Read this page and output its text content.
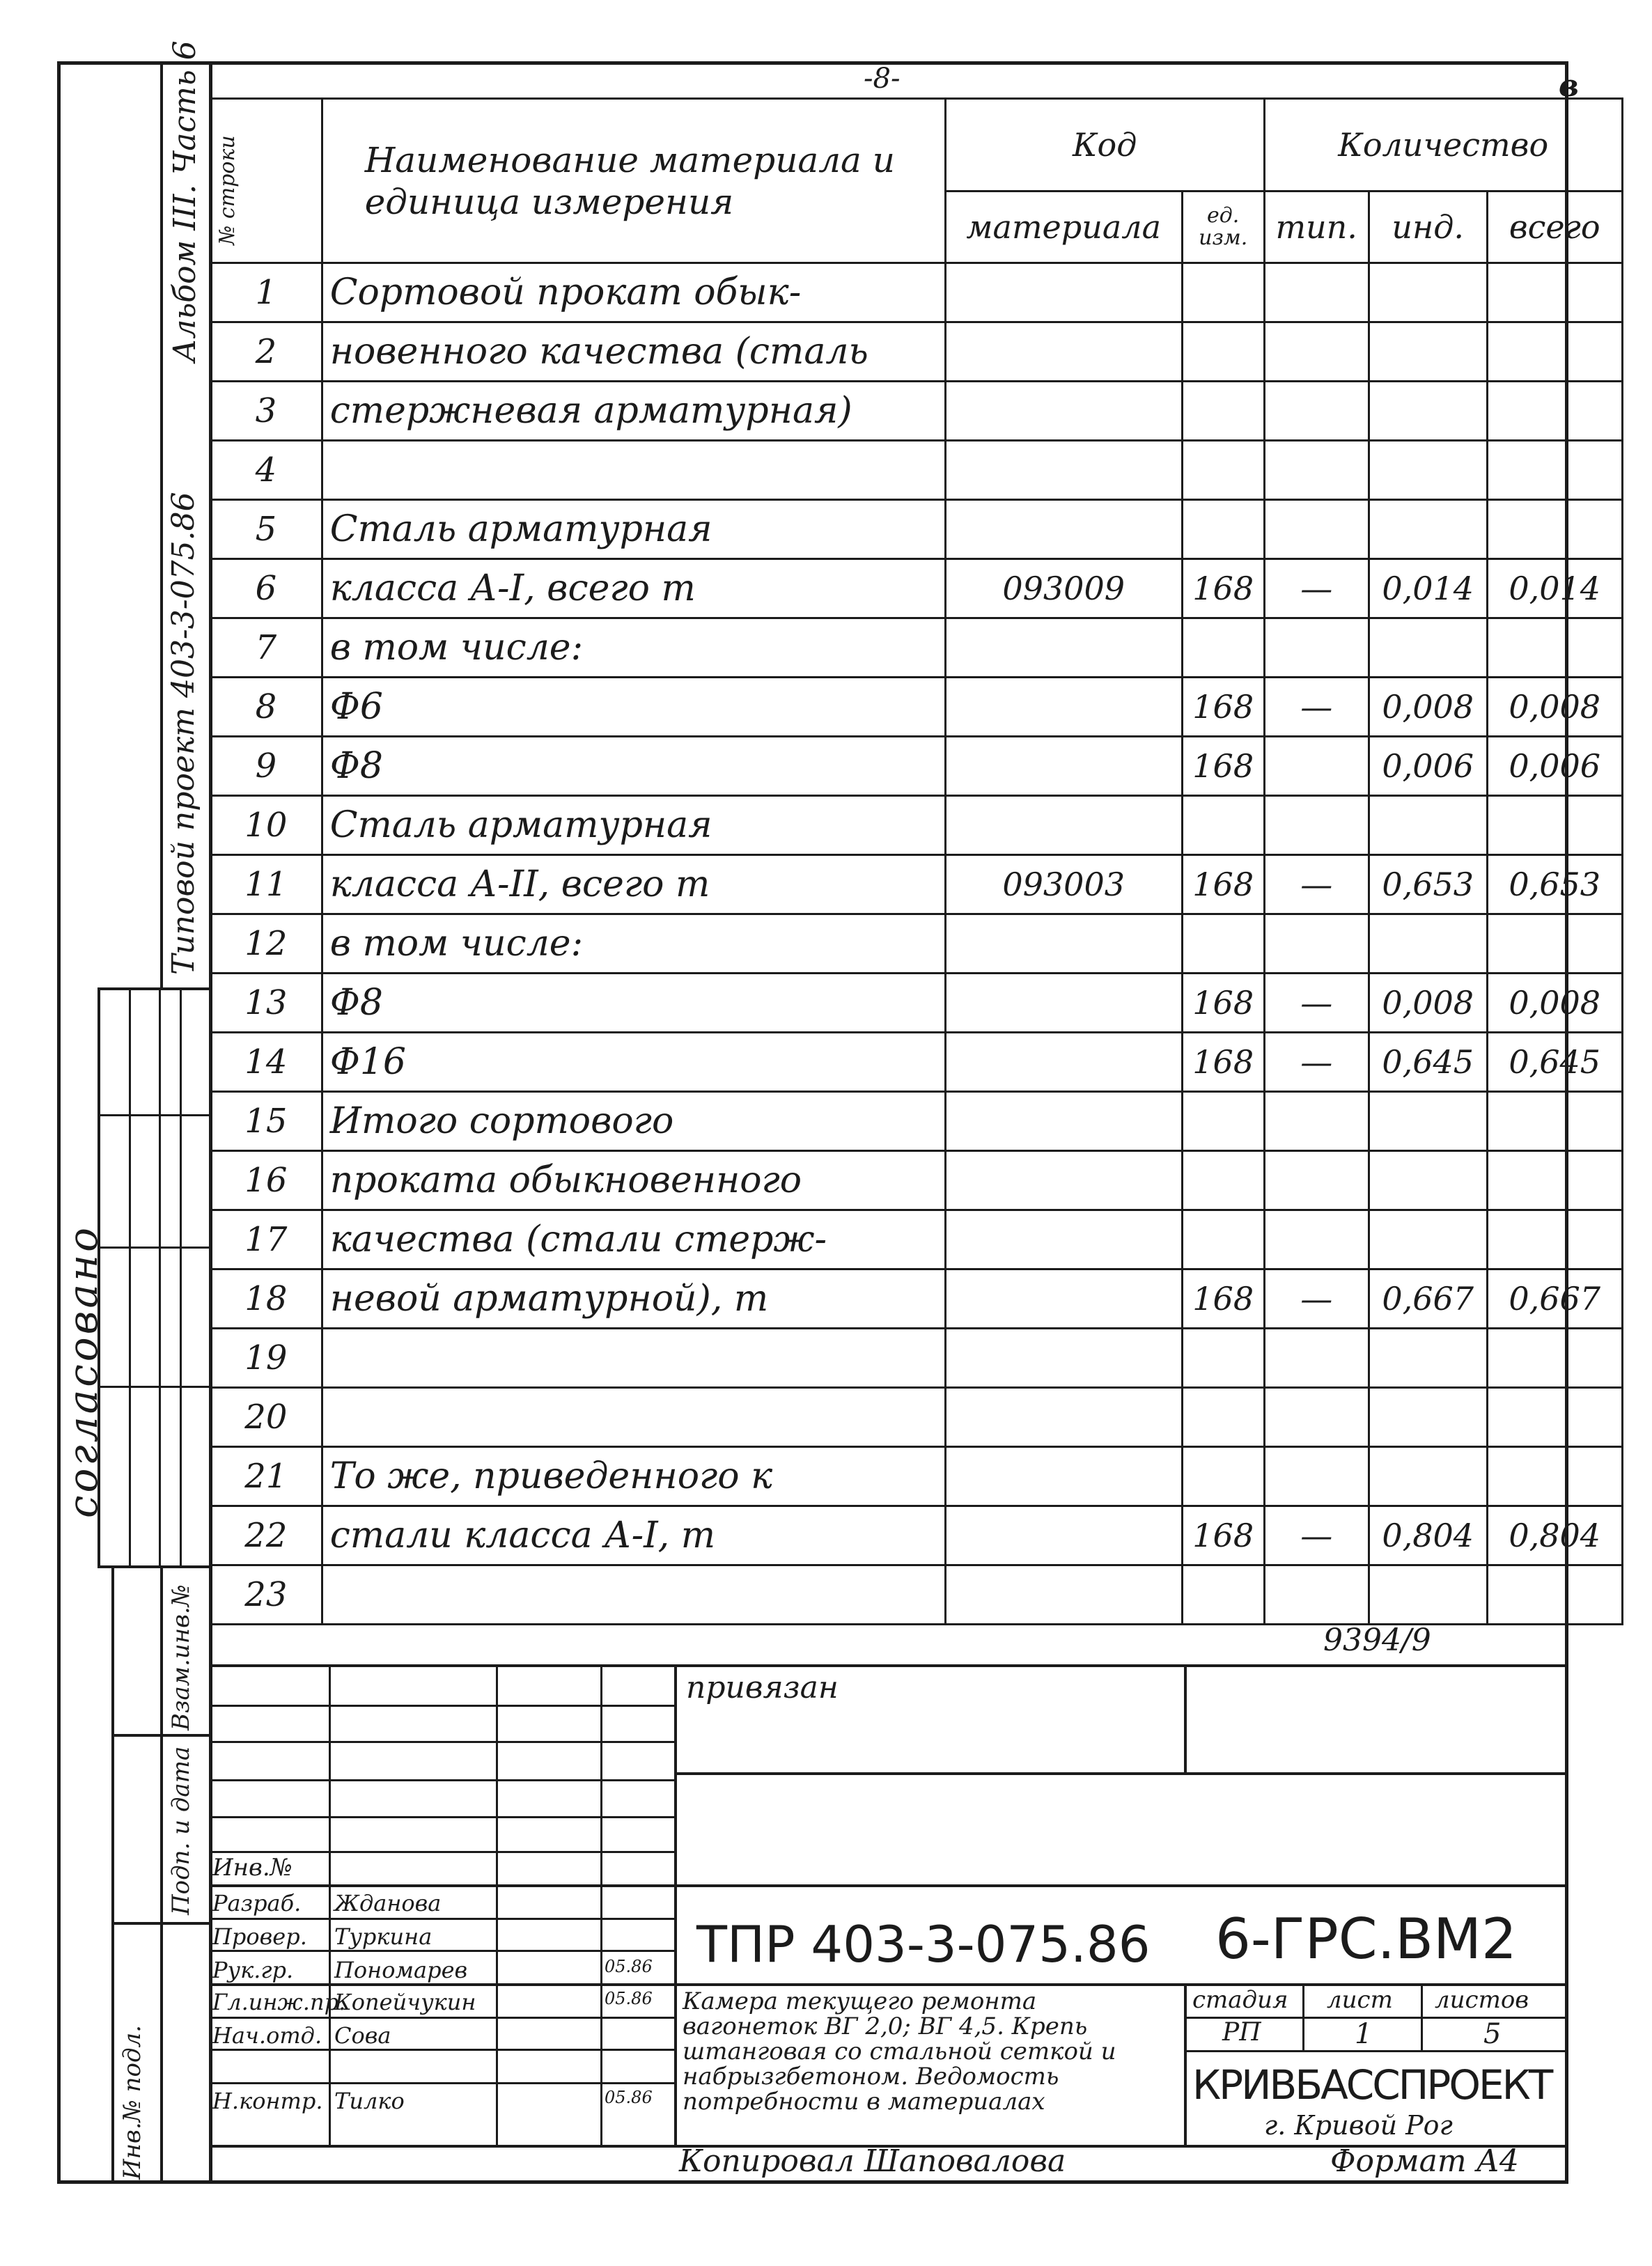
-8-	в
Альбом III. Часть 6
Типовой проект 403-3-075.86
согласовано
Инв.№ подл.
Подп. и дата
Взам.инв.№
№ строки	Наименование материала и единица измерения	Код		Количество		
		материала	ед. изм.	тип.	инд.	всего
1	Сортовой прокат обык-					
2	новенного качества (сталь					
3	стержневая арматурная)					
4						
5	Сталь арматурная					
6	класса А-I, всего т	093009	168	—	0,014	0,014
7	в том числе:					
8	Ф6		168	—	0,008	0,008
9	Ф8		168		0,006	0,006
10	Сталь арматурная					
11	класса А-II, всего т	093003	168	—	0,653	0,653
12	в том числе:					
13	Ф8		168	—	0,008	0,008
14	Ф16		168	—	0,645	0,645
15	Итого сортового					
16	проката обыкновенного					
17	качества (стали стерж-					
18	невой арматурной), т		168	—	0,667	0,667
19						
20						
21	То же, приведенного к					
22	стали класса А-I, т		168	—	0,804	0,804
23						
9394/9
привязан
Инв.№
Разраб. Жданова
Провер. Туркина
Рук.гр. Пономарев	05.86
Гл.инж.пр.
Копейчукин	05.86
Нач.отд. Сова
Н.контр. Тилко	05.86
ТПР 403-3-075.86 6-ГРС.ВМ2
Камера текущего ремонта вагонеток ВГ 2,0; ВГ 4,5. Крепь штанговая со стальной сеткой и набрызгбетоном. Ведомость потребности в материалах
стадия лист листов
РП	1	5
КРИВБАССПРОЕКТ
г. Кривой Рог
Копировал Шаповалова	Формат А4
